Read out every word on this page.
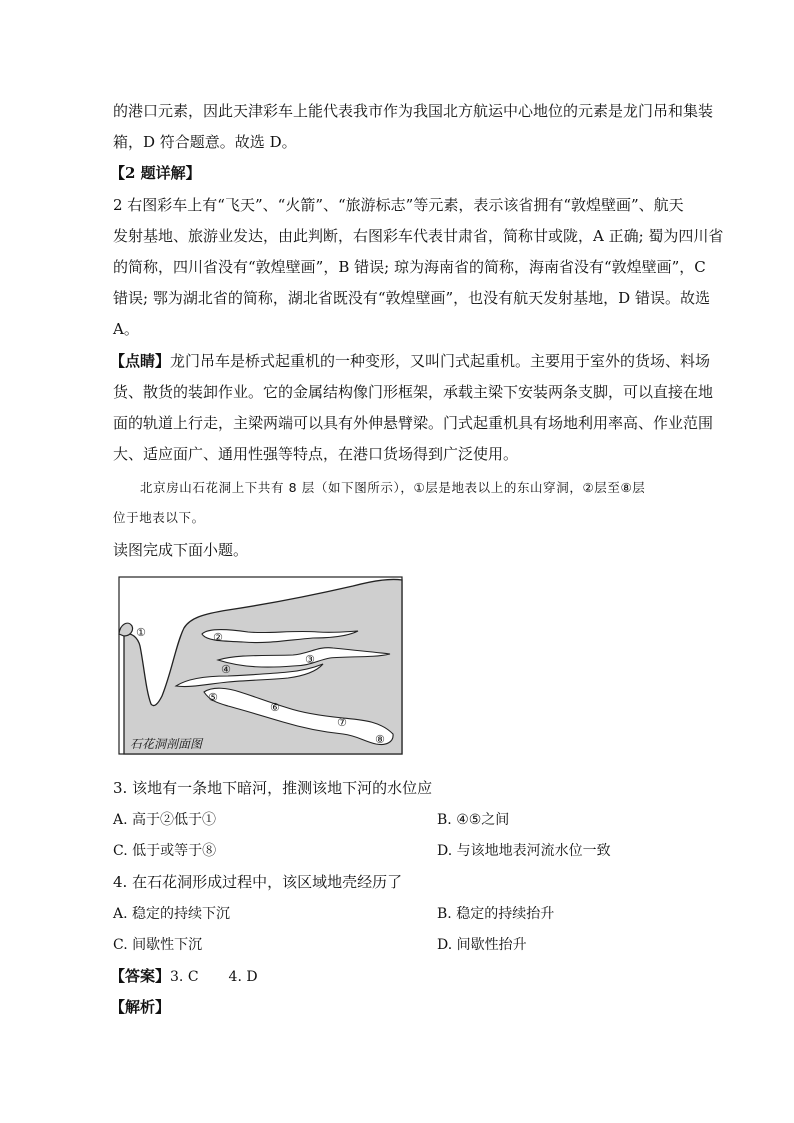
的港口元素，因此天津彩车上能代表我市作为我国北方航运中心地位的元素是龙门吊和集装
箱，D 符合题意。故选 D。
【2 题详解】
2 右图彩车上有“飞天”、“火箭”、“旅游标志”等元素，表示该省拥有“敦煌壁画”、航天
发射基地、旅游业发达，由此判断，右图彩车代表甘肃省，简称甘或陇，A 正确; 蜀为四川省
的简称，四川省没有“敦煌壁画”，B 错误; 琼为海南省的简称，海南省没有“敦煌壁画”，C
错误; 鄂为湖北省的简称，湖北省既没有“敦煌壁画”，也没有航天发射基地，D 错误。故选
A。
【点睛】龙门吊车是桥式起重机的一种变形，又叫门式起重机。主要用于室外的货场、料场
货、散货的装卸作业。它的金属结构像门形框架，承载主梁下安装两条支脚，可以直接在地
面的轨道上行走，主梁两端可以具有外伸悬臂梁。门式起重机具有场地利用率高、作业范围
大、适应面广、通用性强等特点，在港口货场得到广泛使用。
北京房山石花洞上下共有 8 层（如下图所示），①层是地表以上的东山穿洞，②层至⑧层
位于地表以下。
读图完成下面小题。
石花洞剖面图
①	②
③
④
⑤
⑥
⑦
⑧
3. 该地有一条地下暗河，推测该地下河的水位应
A. 高于②低于①	B. ④⑤之间
C. 低于或等于⑧	D. 与该地地表河流水位一致
4. 在石花洞形成过程中，该区域地壳经历了
A. 稳定的持续下沉	B. 稳定的持续抬升
C. 间歇性下沉	D. 间歇性抬升
【答案】3. C 4. D
【解析】
